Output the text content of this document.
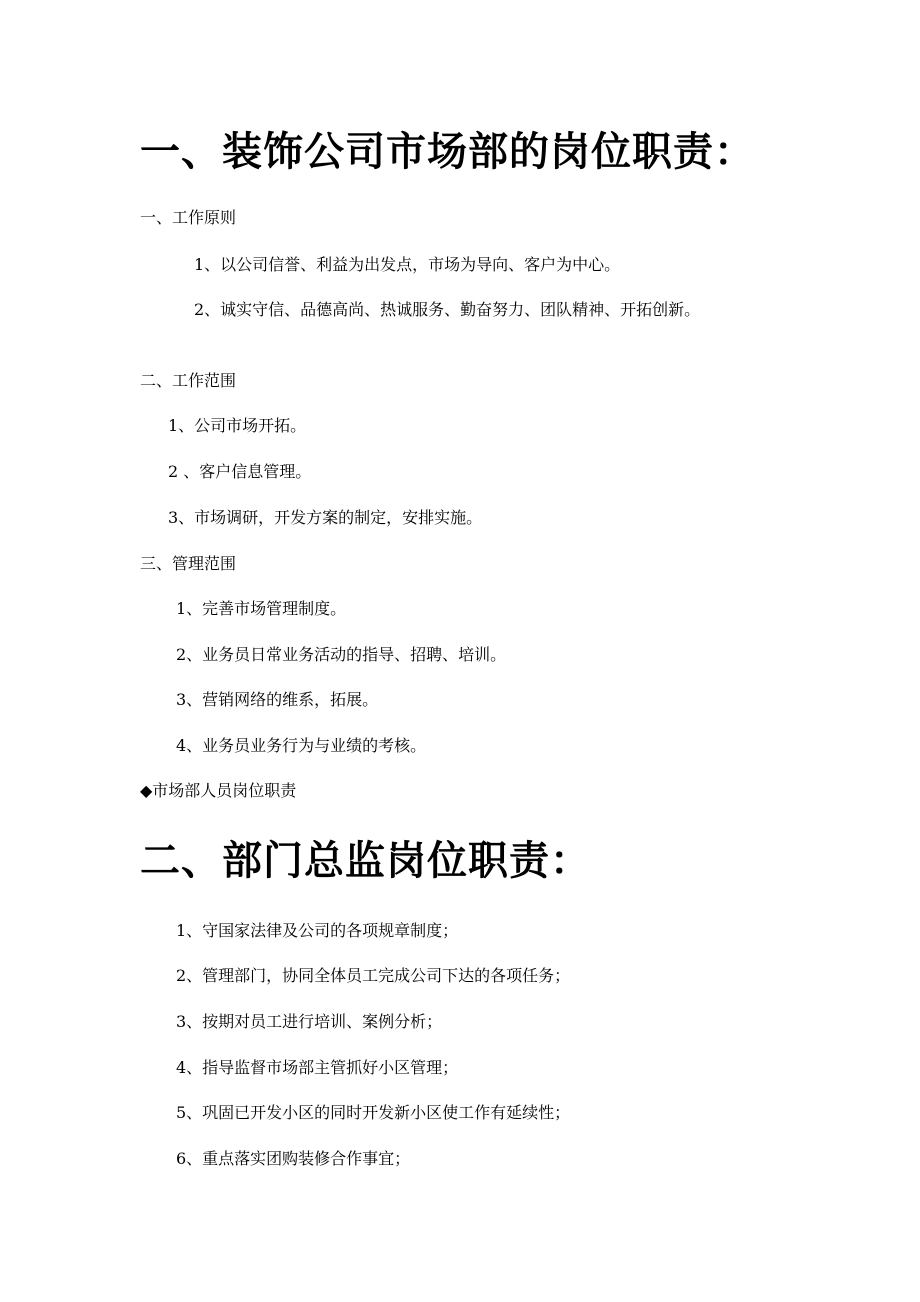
一、装饰公司市场部的岗位职责：
一、工作原则
1、以公司信誉、利益为出发点，市场为导向、客户为中心。
2、诚实守信、品德高尚、热诚服务、勤奋努力、团队精神、开拓创新。
二、工作范围
1、公司市场开拓。
2 、客户信息管理。
3、市场调研，开发方案的制定，安排实施。
三、管理范围
1、完善市场管理制度。
2、业务员日常业务活动的指导、招聘、培训。
3、营销网络的维系，拓展。
4、业务员业务行为与业绩的考核。
◆市场部人员岗位职责
二、部门总监岗位职责：
1、守国家法律及公司的各项规章制度；
2、管理部门，协同全体员工完成公司下达的各项任务；
3、按期对员工进行培训、案例分析；
4、指导监督市场部主管抓好小区管理；
5、巩固已开发小区的同时开发新小区使工作有延续性；
6、重点落实团购装修合作事宜；
